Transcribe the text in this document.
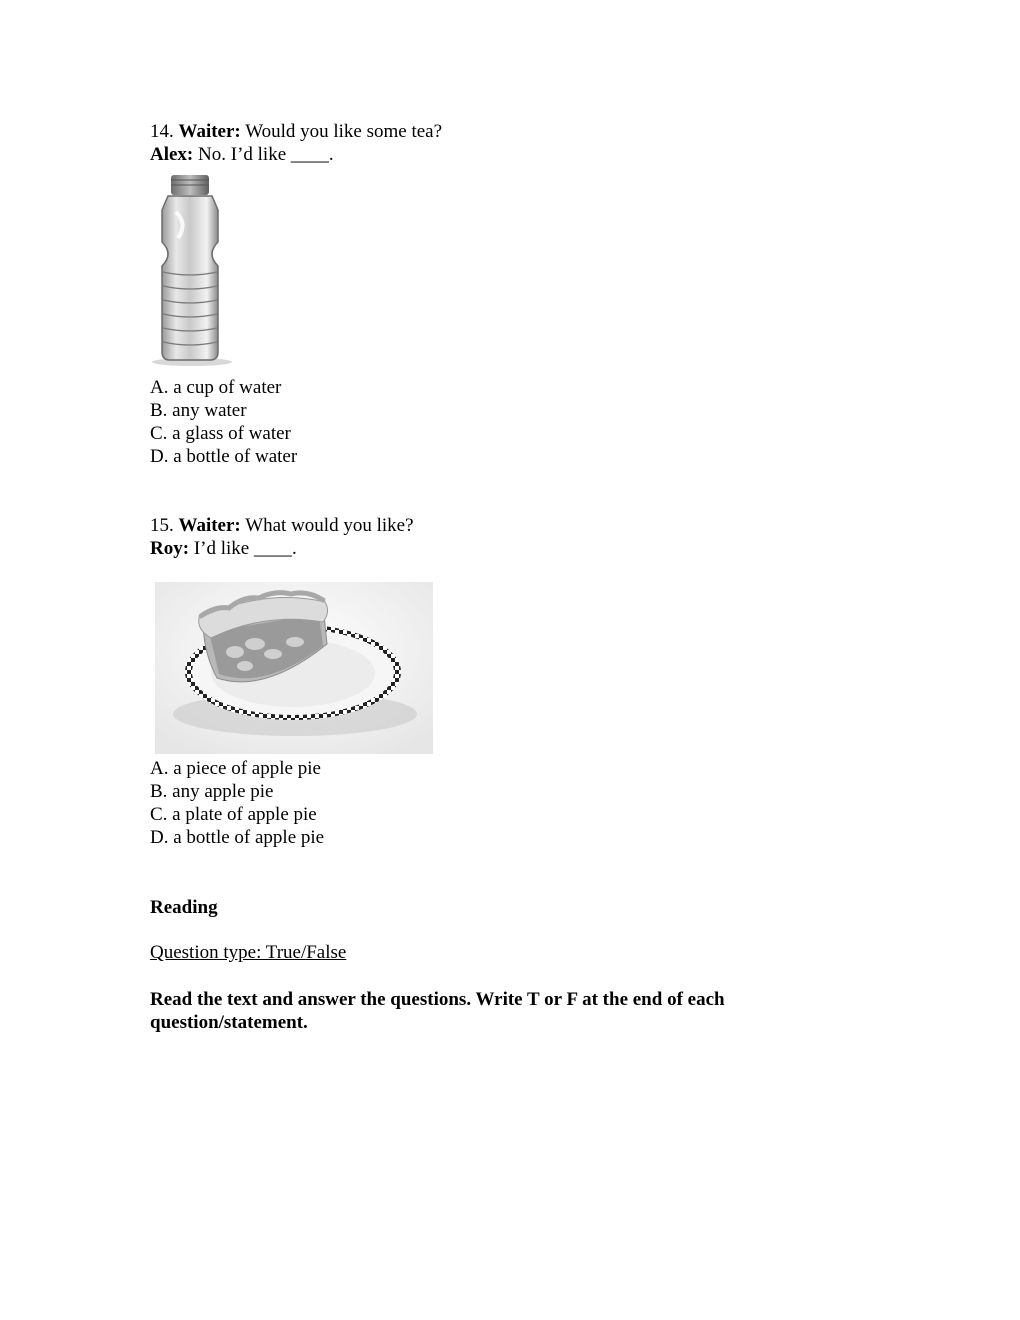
14. Waiter: Would you like some tea?
Alex: No. I’d like ____.
A. a cup of water
B. any water
C. a glass of water
D. a bottle of water
15. Waiter: What would you like?
Roy: I’d like ____.
A. a piece of apple pie
B. any apple pie
C. a plate of apple pie
D. a bottle of apple pie
Reading
Question type: True/False
Read the text and answer the questions. Write T or F at the end of each question/statement.
